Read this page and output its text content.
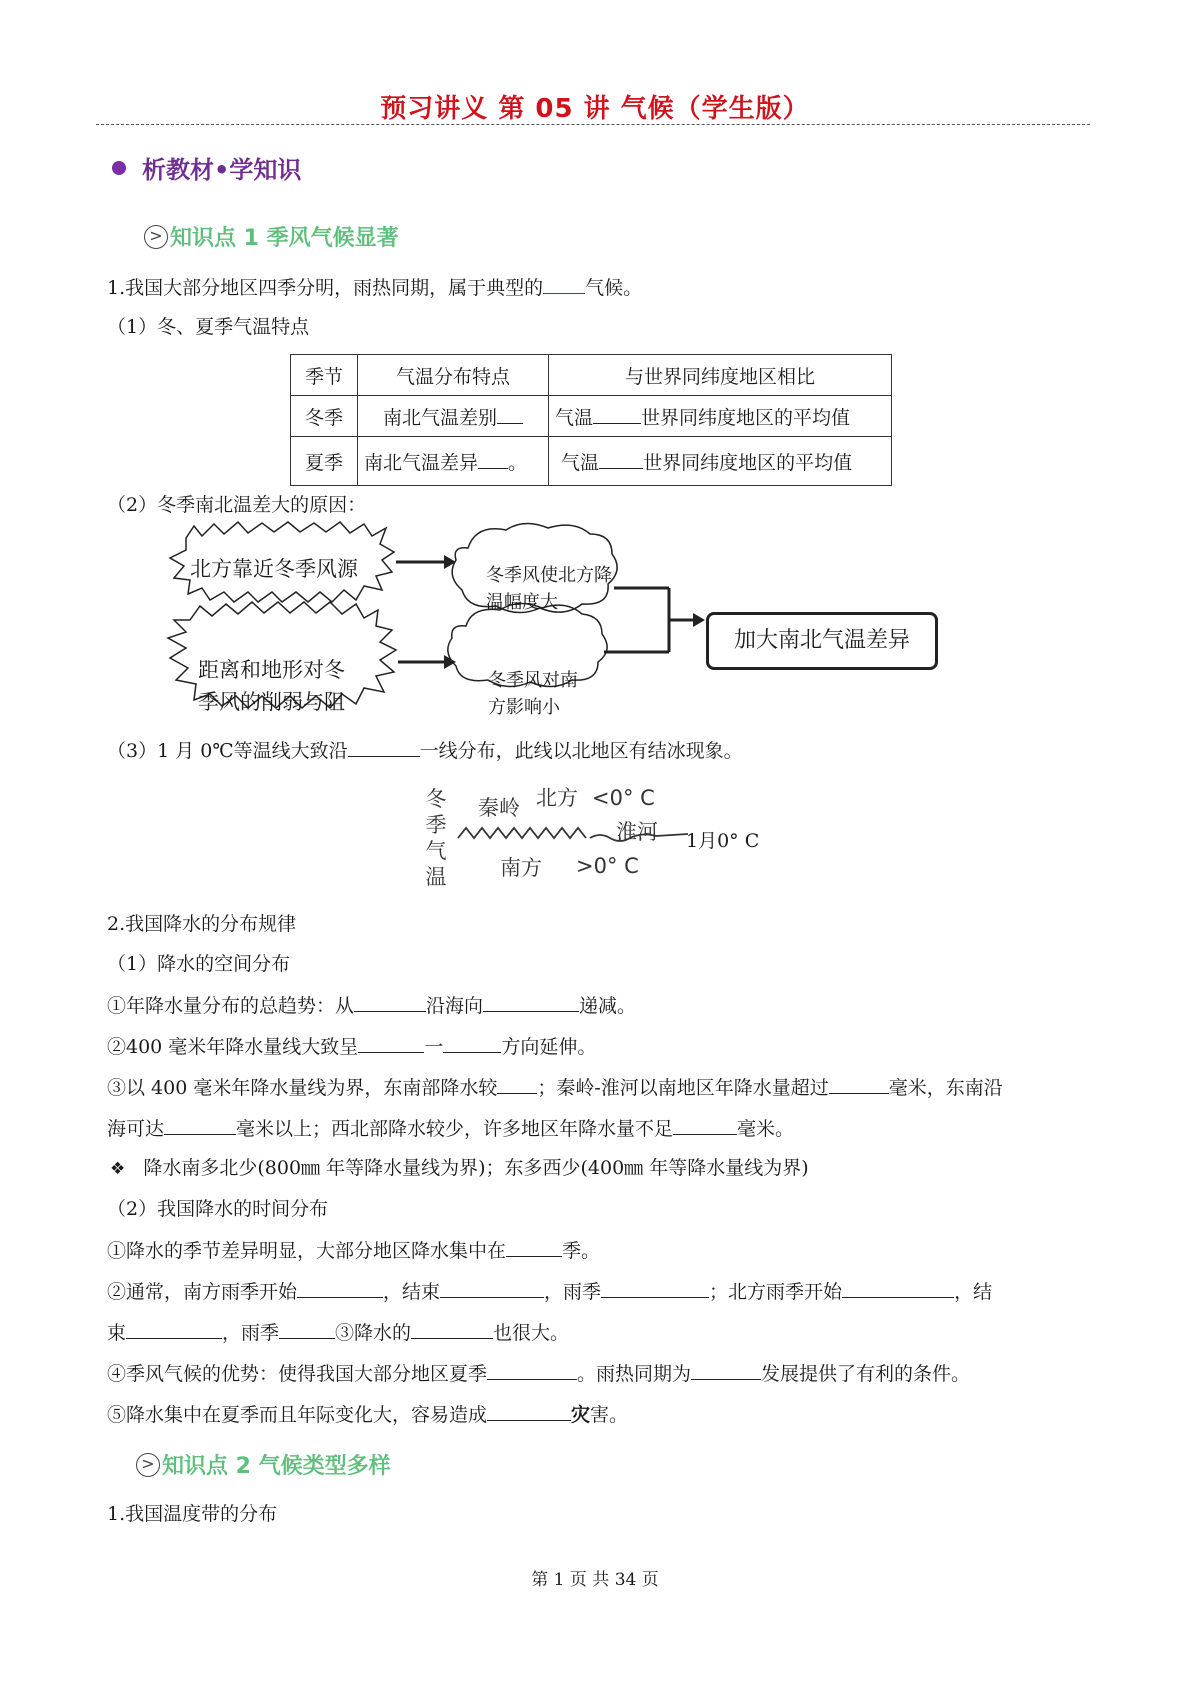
预习讲义 第 05 讲 气候（学生版）
析教材•学知识
> 知识点 1 季风气候显著
1.我国大部分地区四季分明，雨热同期，属于典型的 气候。
（1）冬、夏季气温特点
季节	气温分布特点	与世界同纬度地区相比
冬季	南北气温差别	气温 世界同纬度地区的平均值
夏季	南北气温差异 。	气温 世界同纬度地区的平均值
（2）冬季南北温差大的原因：
北方靠近冬季风源
距离和地形对冬
季风的削弱与阻
冬季风使北方降
温幅度大
冬季风对南
方影响小
加大南北气温差异
（3）1 月 0℃等温线大致沿	一线分布，此线以北地区有结冰现象。
冬
季
气
温
秦岭 北方 <0° C
淮河
南方 >0° C
1月0° C
2.我国降水的分布规律
（1）降水的空间分布
①年降水量分布的总趋势：从	沿海向	递减。
②400 毫米年降水量线大致呈	一	方向延伸。
③以 400 毫米年降水量线为界，东南部降水较 ；秦岭-淮河以南地区年降水量超过	毫米，东南沿
海可达	毫米以上；西北部降水较少，许多地区年降水量不足	毫米。
❖ 降水南多北少(800㎜ 年等降水量线为界)；东多西少(400㎜ 年等降水量线为界)
（2）我国降水的时间分布
①降水的季节差异明显，大部分地区降水集中在	季。
②通常，南方雨季开始	，结束	，雨季	；北方雨季开始	，结
束	，雨季	③降水的	也很大。
④季风气候的优势：使得我国大部分地区夏季	。雨热同期为	发展提供了有利的条件。
⑤降水集中在夏季而且年际变化大，容易造成	灾害。
> 知识点 2 气候类型多样
1.我国温度带的分布
第 1 页 共 34 页
